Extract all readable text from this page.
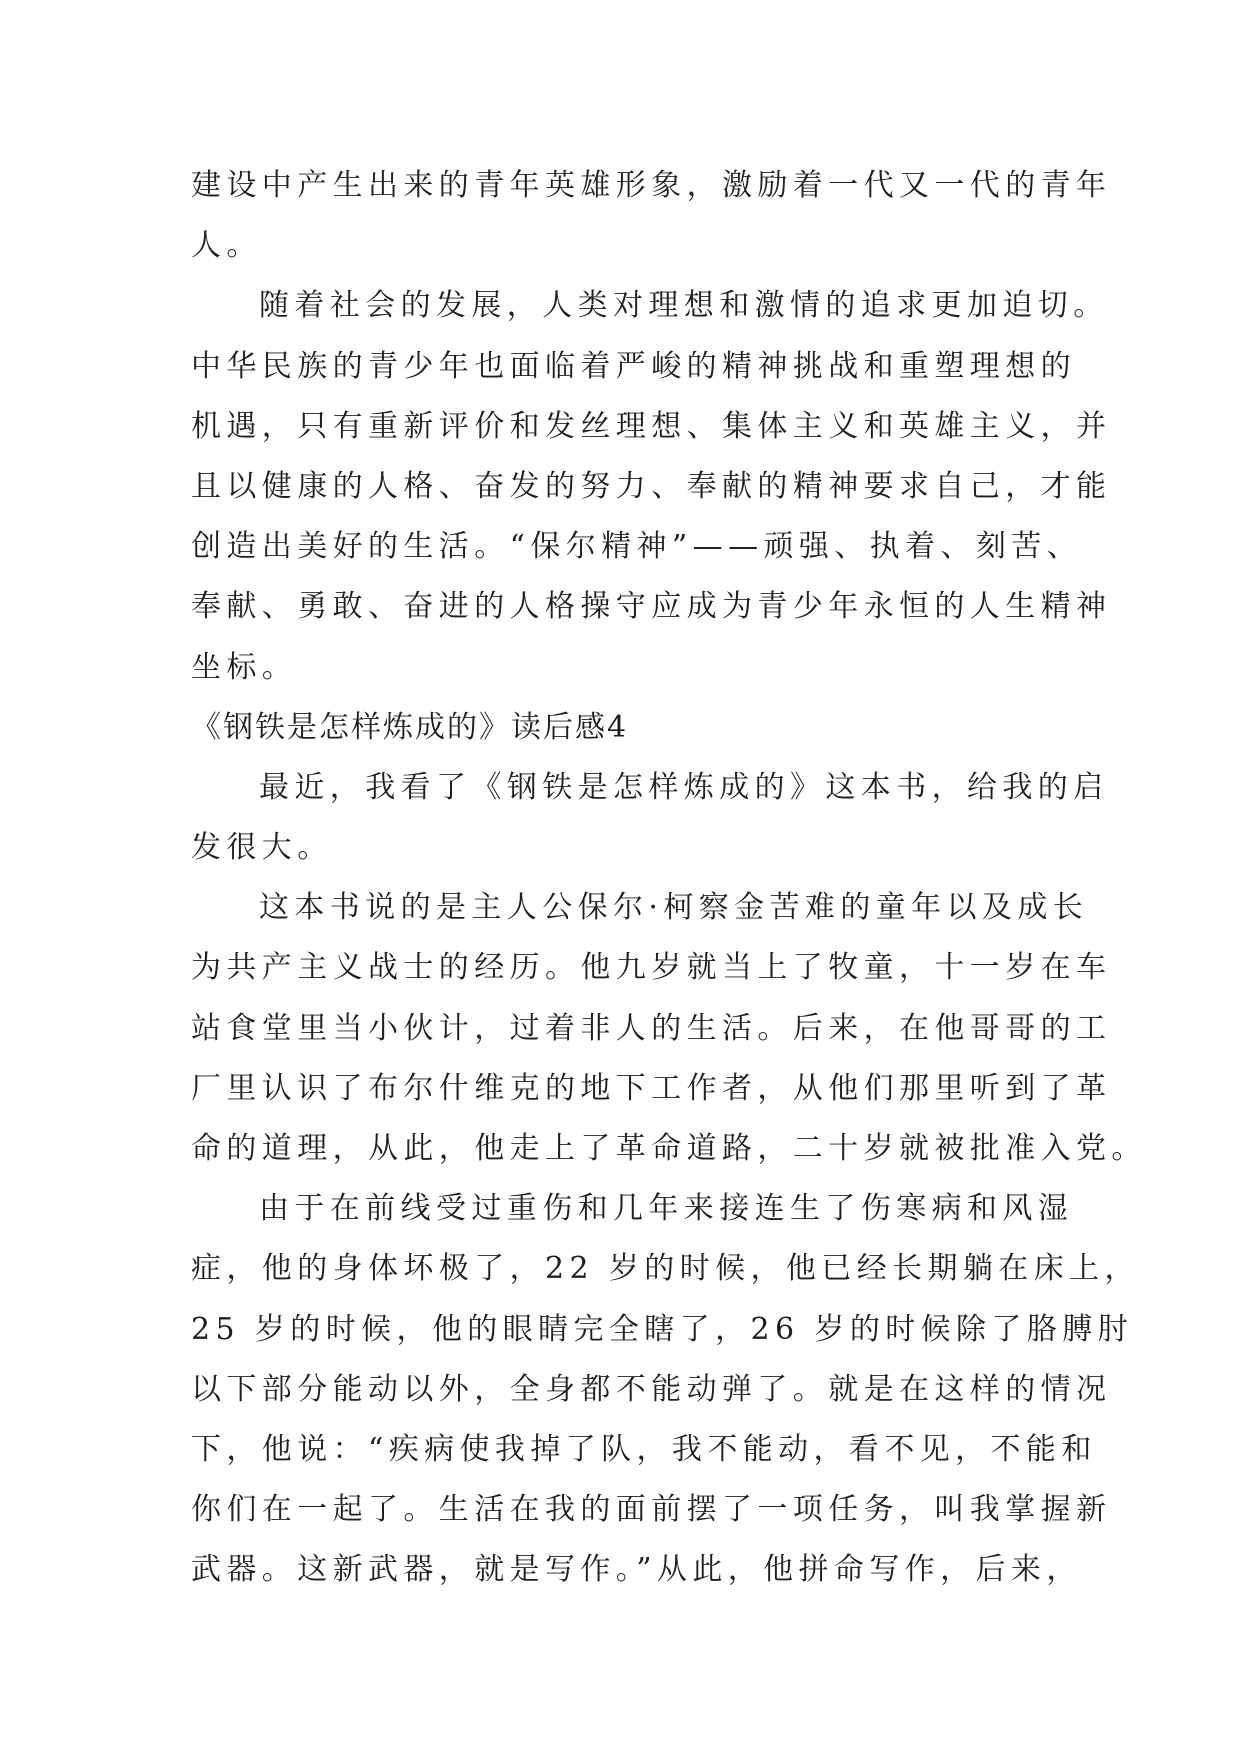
建设中产生出来的青年英雄形象，激励着一代又一代的青年
人。
随着社会的发展，人类对理想和激情的追求更加迫切。
中华民族的青少年也面临着严峻的精神挑战和重塑理想的
机遇，只有重新评价和发丝理想、集体主义和英雄主义，并
且以健康的人格、奋发的努力、奉献的精神要求自己，才能
创造出美好的生活。“保尔精神”——顽强、执着、刻苦、
奉献、勇敢、奋进的人格操守应成为青少年永恒的人生精神
坐标。
《钢铁是怎样炼成的》读后感4
最近，我看了《钢铁是怎样炼成的》这本书，给我的启
发很大。
这本书说的是主人公保尔·柯察金苦难的童年以及成长
为共产主义战士的经历。他九岁就当上了牧童，十一岁在车
站食堂里当小伙计，过着非人的生活。后来，在他哥哥的工
厂里认识了布尔什维克的地下工作者，从他们那里听到了革
命的道理，从此，他走上了革命道路，二十岁就被批准入党。
由于在前线受过重伤和几年来接连生了伤寒病和风湿
症，他的身体坏极了，22 岁的时候，他已经长期躺在床上，
25 岁的时候，他的眼睛完全瞎了，26 岁的时候除了胳膊肘
以下部分能动以外，全身都不能动弹了。就是在这样的情况
下，他说：“疾病使我掉了队，我不能动，看不见，不能和
你们在一起了。生活在我的面前摆了一项任务，叫我掌握新
武器。这新武器，就是写作。”从此，他拼命写作，后来，
